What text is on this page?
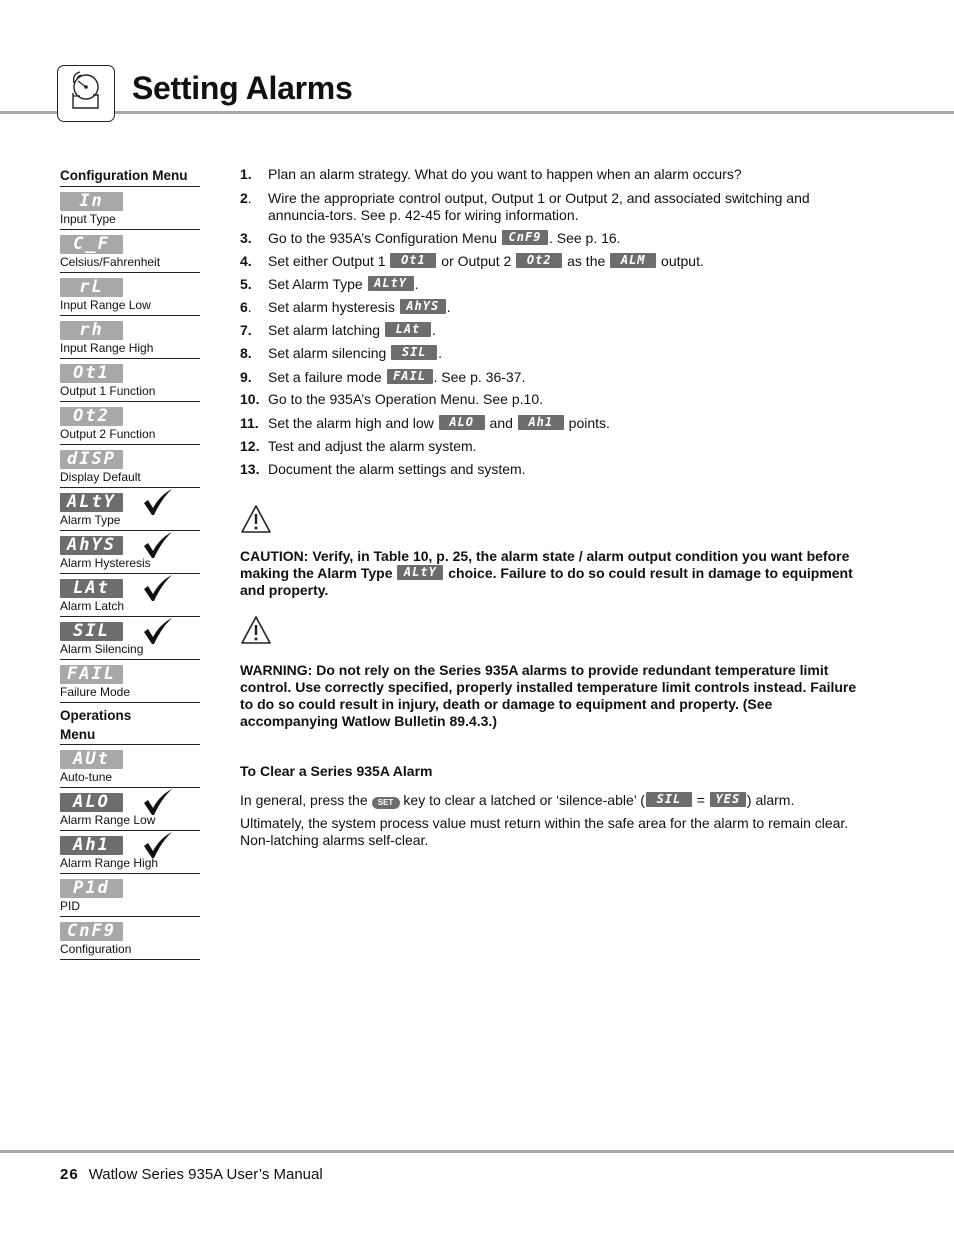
Setting Alarms
Configuration Menu
In
Input Type
C_F
Celsius/Fahrenheit
rL
Input Range Low
rh
Input Range High
Ot1
Output 1 Function
Ot2
Output 2 Function
dISP
Display Default
ALtY
Alarm Type
AhYS
Alarm Hysteresis
LAt
Alarm Latch
SIL
Alarm Silencing
FAIL
Failure Mode
Operations
Menu
AUt
Auto-tune
ALO
Alarm Range Low
Ah1
Alarm Range High
P1d
PID
CnF9
Configuration
1. Plan an alarm strategy. What do you want to happen when an alarm occurs?
2. Wire the appropriate control output, Output 1 or Output 2, and associated switching and annuncia-tors. See p. 42-45 for wiring information.
3. Go to the 935A’s Configuration Menu CnF9 . See p. 16.
4. Set either Output 1 Ot1 or Output 2 Ot2 as the ALM output.
5. Set Alarm Type ALtY .
6. Set alarm hysteresis AhYS .
7. Set alarm latching LAt .
8. Set alarm silencing SIL .
9. Set a failure mode FAIL . See p. 36-37.
10. Go to the 935A’s Operation Menu. See p.10.
11. Set the alarm high and low ALO and Ah1 points.
12. Test and adjust the alarm system.
13. Document the alarm settings and system.

CAUTION: Verify, in Table 10, p. 25, the alarm state / alarm output condition you want before making the Alarm Type ALtY choice. Failure to do so could result in damage to equipment and property.

WARNING: Do not rely on the Series 935A alarms to provide redundant temperature limit control. Use correctly specified, properly installed temperature limit controls instead. Failure to do so could result in injury, death or damage to equipment and property. (See accompanying Watlow Bulletin 89.4.3.)

To Clear a Series 935A Alarm

In general, press the SET key to clear a latched or ‘silence-able’ ( SIL = YES ) alarm.

Ultimately, the system process value must return within the safe area for the alarm to remain clear. Non-latching alarms self-clear.

26 Watlow Series 935A User’s Manual
